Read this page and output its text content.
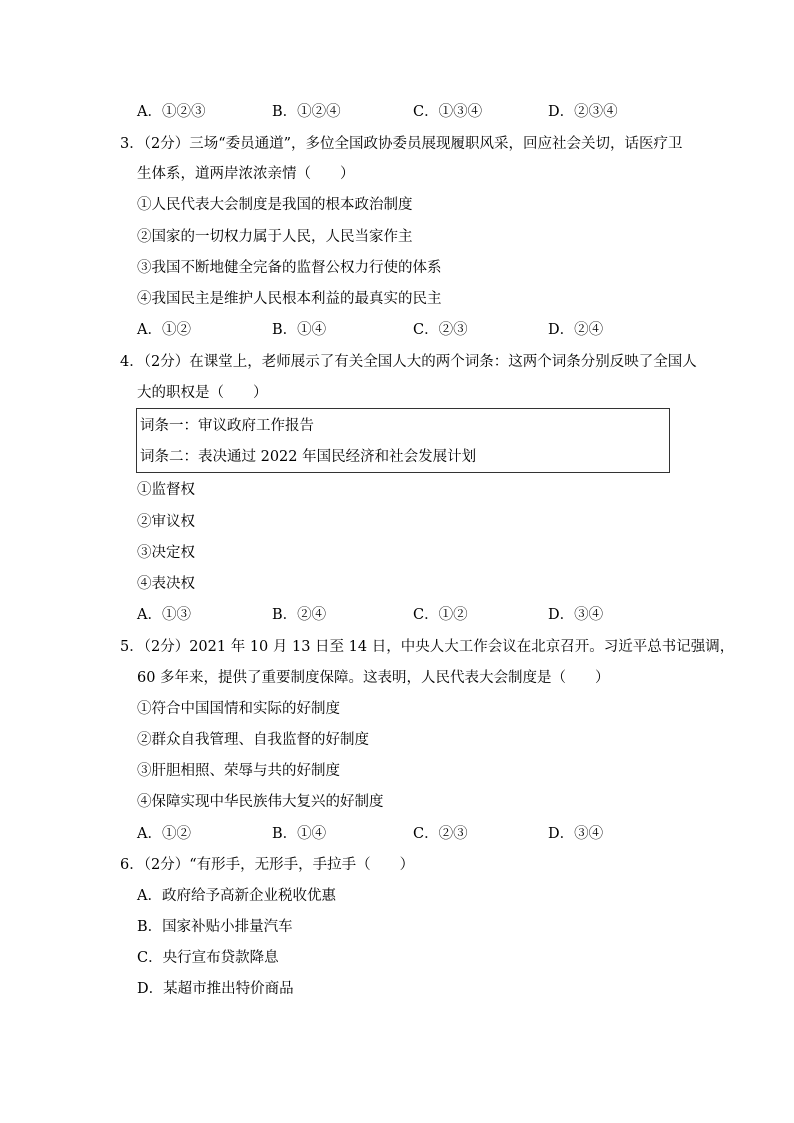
A．①②③	B．①②④	C．①③④	D．②③④
3．（2分）三场“委员通道”，多位全国政协委员展现履职风采，回应社会关切，话医疗卫
生体系，道两岸浓浓亲情（　　）
①人民代表大会制度是我国的根本政治制度
②国家的一切权力属于人民，人民当家作主
③我国不断地健全完备的监督公权力行使的体系
④我国民主是维护人民根本利益的最真实的民主
A．①②	B．①④	C．②③	D．②④
4．（2分）在课堂上，老师展示了有关全国人大的两个词条：这两个词条分别反映了全国人
大的职权是（　　）
词条一：审议政府工作报告
词条二：表决通过 2022 年国民经济和社会发展计划
①监督权
②审议权
③决定权
④表决权
A．①③	B．②④	C．①②	D．③④
5．（2分）2021 年 10 月 13 日至 14 日，中央人大工作会议在北京召开。习近平总书记强调，
60 多年来，提供了重要制度保障。这表明，人民代表大会制度是（　　）
①符合中国国情和实际的好制度
②群众自我管理、自我监督的好制度
③肝胆相照、荣辱与共的好制度
④保障实现中华民族伟大复兴的好制度
A．①②	B．①④	C．②③	D．③④
6．（2分）“有形手，无形手，手拉手（　　）
A．政府给予高新企业税收优惠
B．国家补贴小排量汽车
C．央行宣布贷款降息
D．某超市推出特价商品
